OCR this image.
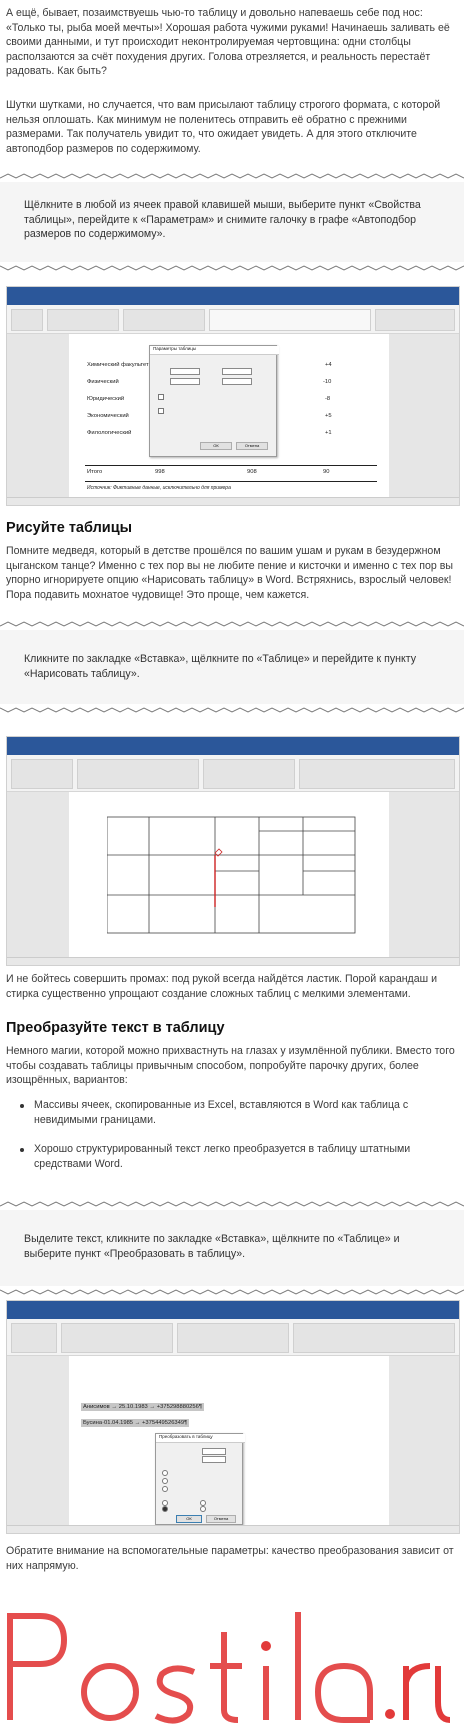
А ещё, бывает, позаимствуешь чью-то таблицу и довольно напеваешь себе под нос: «Только ты, рыба моей мечты»! Хорошая работа чужими руками! Начинаешь заливать её своими данными, и тут происходит неконтролируемая чертовщина: одни столбцы расползаются за счёт похудения других. Голова отрезляется, и реальность перестаёт радовать. Как быть?
Шутки шутками, но случается, что вам присылают таблицу строгого формата, с которой нельзя оплошать. Как минимум не поленитесь отправить её обратно с прежними размерами. Так получатель увидит то, что ожидает увидеть. А для этого отключите автоподбор размеров по содержимому.
Щёлкните в любой из ячеек правой клавишей мыши, выберите пункт «Свойства таблицы», перейдите к «Параметрам» и снимите галочку в графе «Автоподбор размеров по содержимому».
Химический факультет	+4
Физический	-10
Юридический	-8
Экономический	+5
Филологический	+1
Итого	998	908	90
Источник: Фиктивные данные, исключительно для примера
Параметры таблицы
ОК	Отмена
Рисуйте таблицы
Помните медведя, который в детстве прошёлся по вашим ушам и рукам в безудержном цыганском танце? Именно с тех пор вы не любите пение и кисточки и именно с тех пор вы упорно игнорируете опцию «Нарисовать таблицу» в Word. Встряхнись, взрослый человек! Пора подавить мохнатое чудовище! Это проще, чем кажется.
Кликните по закладке «Вставка», щёлкните по «Таблице» и перейдите к пункту «Нарисовать таблицу».
И не бойтесь совершить промах: под рукой всегда найдётся ластик. Порой карандаш и стирка существенно упрощают создание сложных таблиц с мелкими элементами.
Преобразуйте текст в таблицу
Немного магии, которой можно прихвастнуть на глазах у изумлённой публики. Вместо того чтобы создавать таблицы привычным способом, попробуйте парочку других, более изощрённых, вариантов:
Массивы ячеек, скопированные из Excel, вставляются в Word как таблица с невидимыми границами.
Хорошо структурированный текст легко преобразуется в таблицу штатными средствами Word.
Выделите текст, кликните по закладке «Вставка», щёлкните по «Таблице» и выберите пункт «Преобразовать в таблицу».
Анисимов → 25.10.1983 → +375298880256¶
Бусина·01.04.1985 → +375449526349¶
Преобразовать в таблицу
ОК	Отмена
Обратите внимание на вспомогательные параметры: качество преобразования зависит от них напрямую.
